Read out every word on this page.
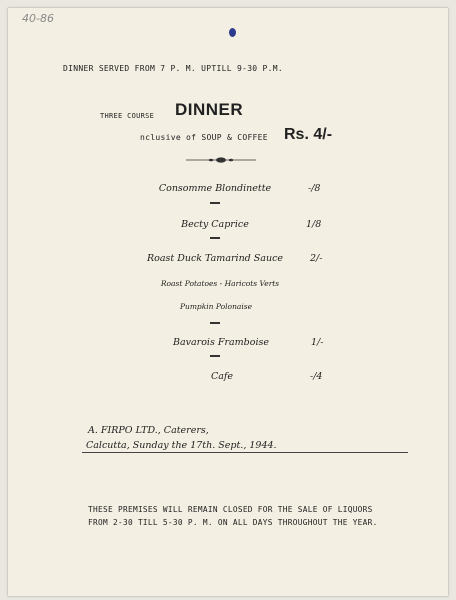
40-86
DINNER SERVED FROM 7 P. M. UPTILL 9-30 P.M.
THREE COURSE DINNER
nclusive of SOUP & COFFEE Rs. 4/-
Consomme Blondinette	-/8
Becty Caprice	1/8
Roast Duck Tamarind Sauce	2/-
Roast Potatoes - Haricots Verts
Pumpkin Polonaise
Bavarois Framboise	1/-
Cafe	-/4
A. FIRPO LTD., Caterers,
Calcutta, Sunday the 17th. Sept., 1944.
THESE PREMISES WILL REMAIN CLOSED FOR THE SALE OF LIQUORS
FROM 2-30 TILL 5-30 P. M. ON ALL DAYS THROUGHOUT THE YEAR.
